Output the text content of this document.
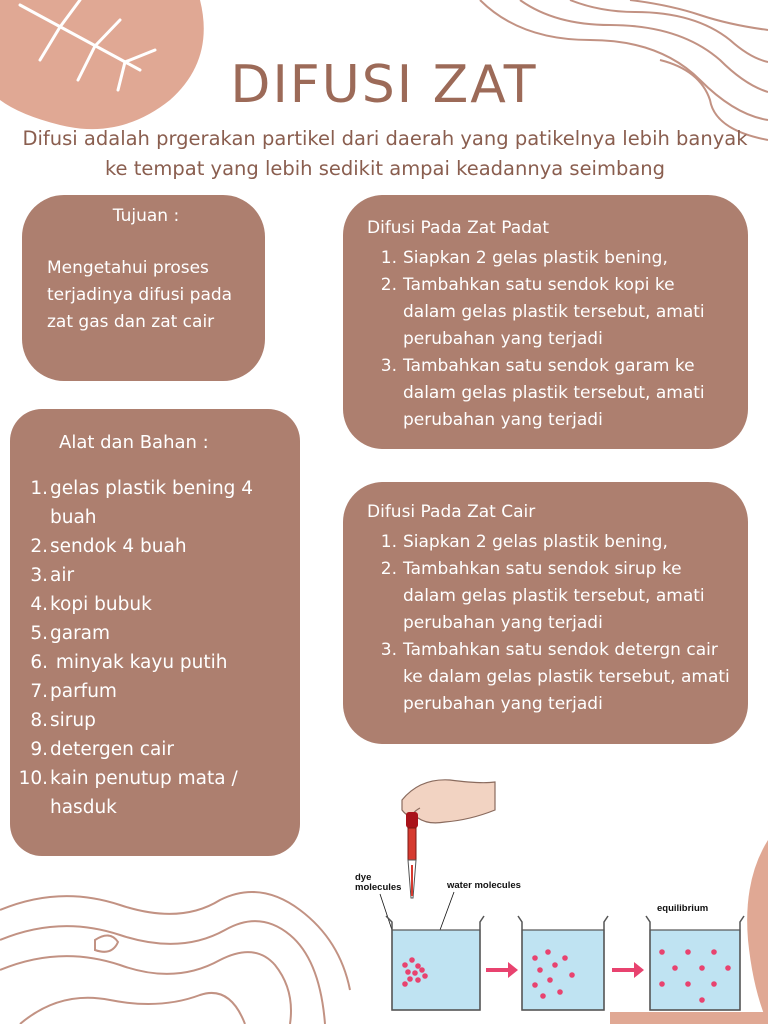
DIFUSI ZAT
Difusi adalah prgerakan partikel dari daerah yang patikelnya lebih banyak ke tempat yang lebih sedikit ampai keadannya seimbang
Tujuan :
Mengetahui proses terjadinya difusi pada zat gas dan zat cair
Alat dan Bahan :
1. gelas plastik bening 4 buah
2. sendok 4 buah
3. air
4. kopi bubuk
5. garam
6. minyak kayu putih
7. parfum
8. sirup
9. detergen cair
10. kain penutup mata / hasduk
Difusi Pada Zat Padat
1. Siapkan 2 gelas plastik bening,
2. Tambahkan satu sendok kopi ke dalam gelas plastik tersebut, amati perubahan yang terjadi
3. Tambahkan satu sendok garam ke dalam gelas plastik tersebut, amati perubahan yang terjadi
Difusi Pada Zat Cair
1. Siapkan 2 gelas plastik bening,
2. Tambahkan satu sendok sirup ke dalam gelas plastik tersebut, amati perubahan yang terjadi
3. Tambahkan satu sendok detergn cair ke dalam gelas plastik tersebut, amati perubahan yang terjadi
dye
molecules	water molecules
equilibrium
